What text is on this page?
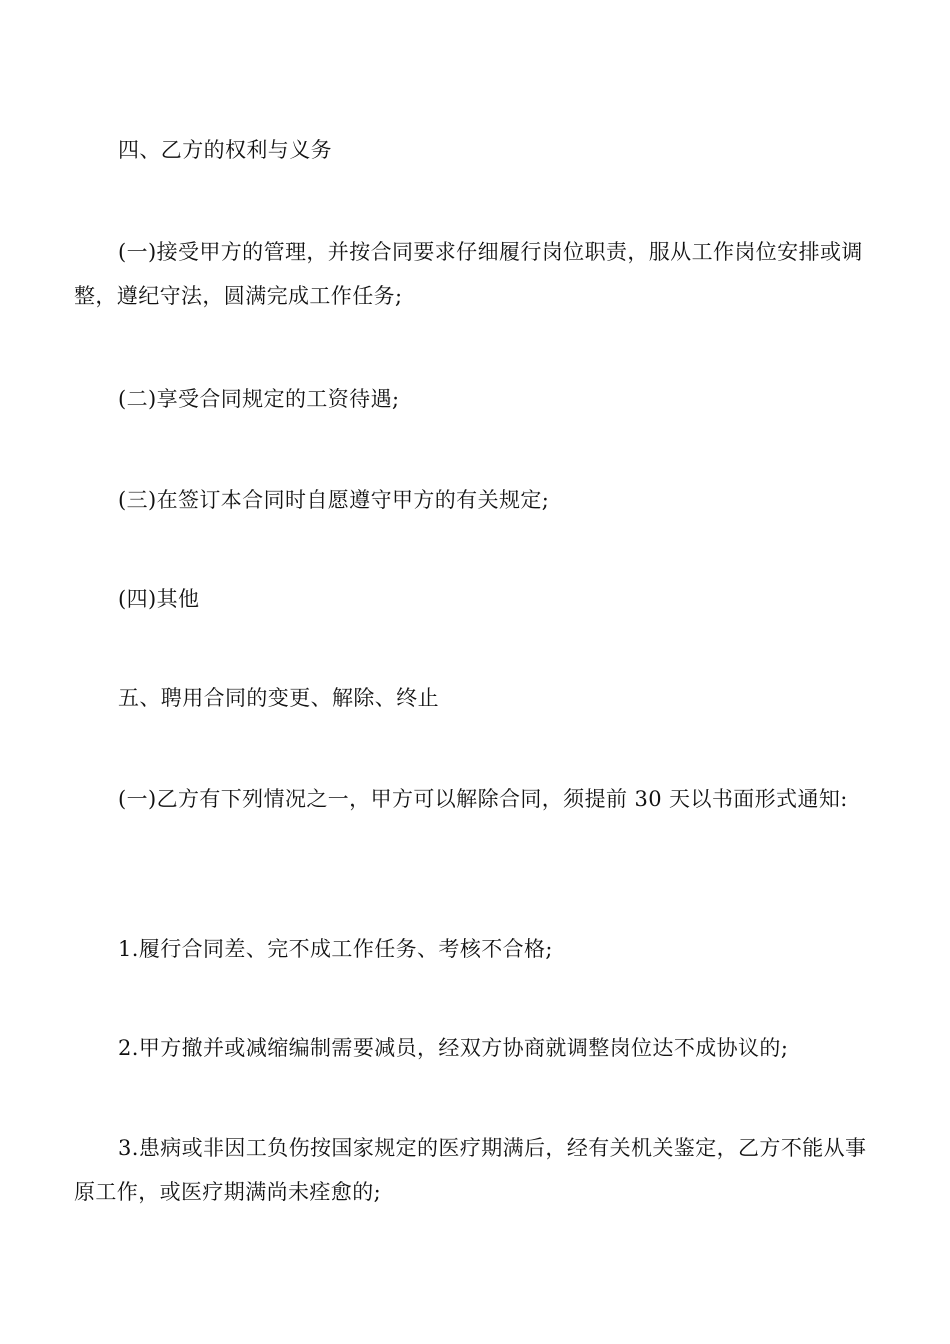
四、乙方的权利与义务

(一)接受甲方的管理，并按合同要求仔细履行岗位职责，服从工作岗位安排或调整，遵纪守法，圆满完成工作任务;

(二)享受合同规定的工资待遇;

(三)在签订本合同时自愿遵守甲方的有关规定;

(四)其他

五、聘用合同的变更、解除、终止

(一)乙方有下列情况之一，甲方可以解除合同，须提前 30 天以书面形式通知:

1.履行合同差、完不成工作任务、考核不合格;

2.甲方撤并或减缩编制需要减员，经双方协商就调整岗位达不成协议的;

3.患病或非因工负伤按国家规定的医疗期满后，经有关机关鉴定，乙方不能从事原工作，或医疗期满尚未痊愈的;
